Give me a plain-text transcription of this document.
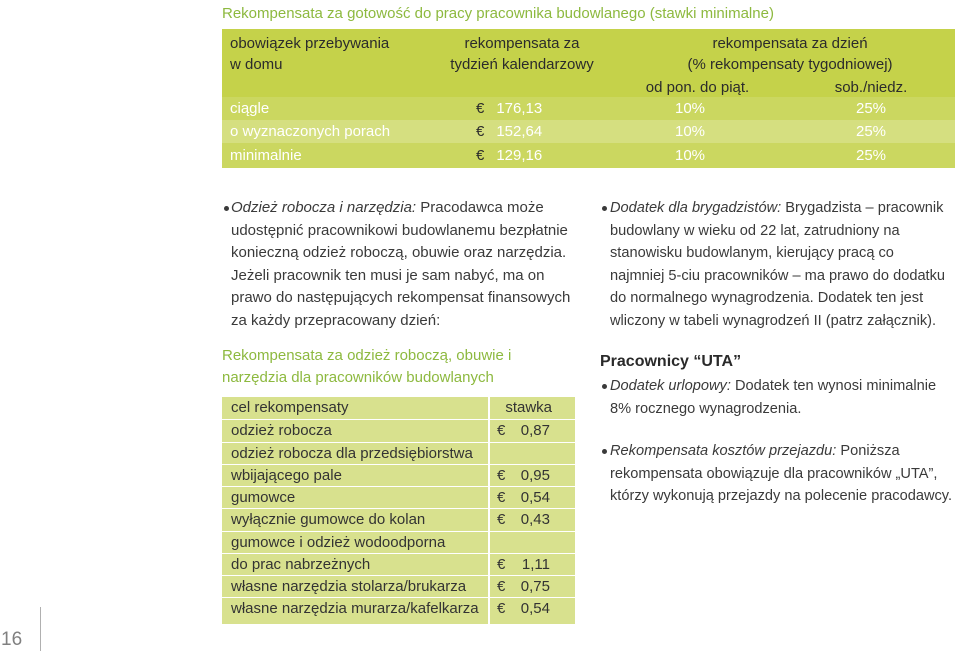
Rekompensata za gotowość do pracy pracownika budowlanego (stawki minimalne)
obowiązek przebywania
w domu
rekompensata za
tydzień kalendarzowy
rekompensata za dzień
(% rekompensaty tygodniowej)
od pon. do piąt.	sob./niedz.
ciągle	€ 176,13	10%	25%
o wyznaczonych porach	€ 152,64	10%	25%
minimalnie	€ 129,16	10%	25%
Odzież robocza i narzędzia: Pracodawca może
udostępnić pracownikowi budowlanemu bezpłatnie
konieczną odzież roboczą, obuwie oraz narzędzia.
Jeżeli pracownik ten musi je sam nabyć, ma on
prawo do następujących rekompensat finansowych
za każdy przepracowany dzień:
Rekompensata za odzież roboczą, obuwie i
narzędzia dla pracowników budowlanych
cel rekompensaty	stawka
odzież robocza	€ 0,87
odzież robocza dla przedsiębiorstwa
wbijającego pale	€ 0,95
gumowce	€ 0,54
wyłącznie gumowce do kolan	€ 0,43
gumowce i odzież wodoodporna
do prac nabrzeżnych	€ 1,11
własne narzędzia stolarza/brukarza	€ 0,75
własne narzędzia murarza/kafelkarza	€ 0,54
Dodatek dla brygadzistów: Brygadzista – pracownik
budowlany w wieku od 22 lat, zatrudniony na
stanowisku budowlanym, kierujący pracą co
najmniej 5-ciu pracowników – ma prawo do dodatku
do normalnego wynagrodzenia. Dodatek ten jest
wliczony w tabeli wynagrodzeń II (patrz załącznik).
Pracownicy “UTA”
Dodatek urlopowy: Dodatek ten wynosi minimalnie
8% rocznego wynagrodzenia.
Rekompensata kosztów przejazdu: Poniższa
rekompensata obowiązuje dla pracowników „UTA”,
którzy wykonują przejazdy na polecenie pracodawcy.
16
